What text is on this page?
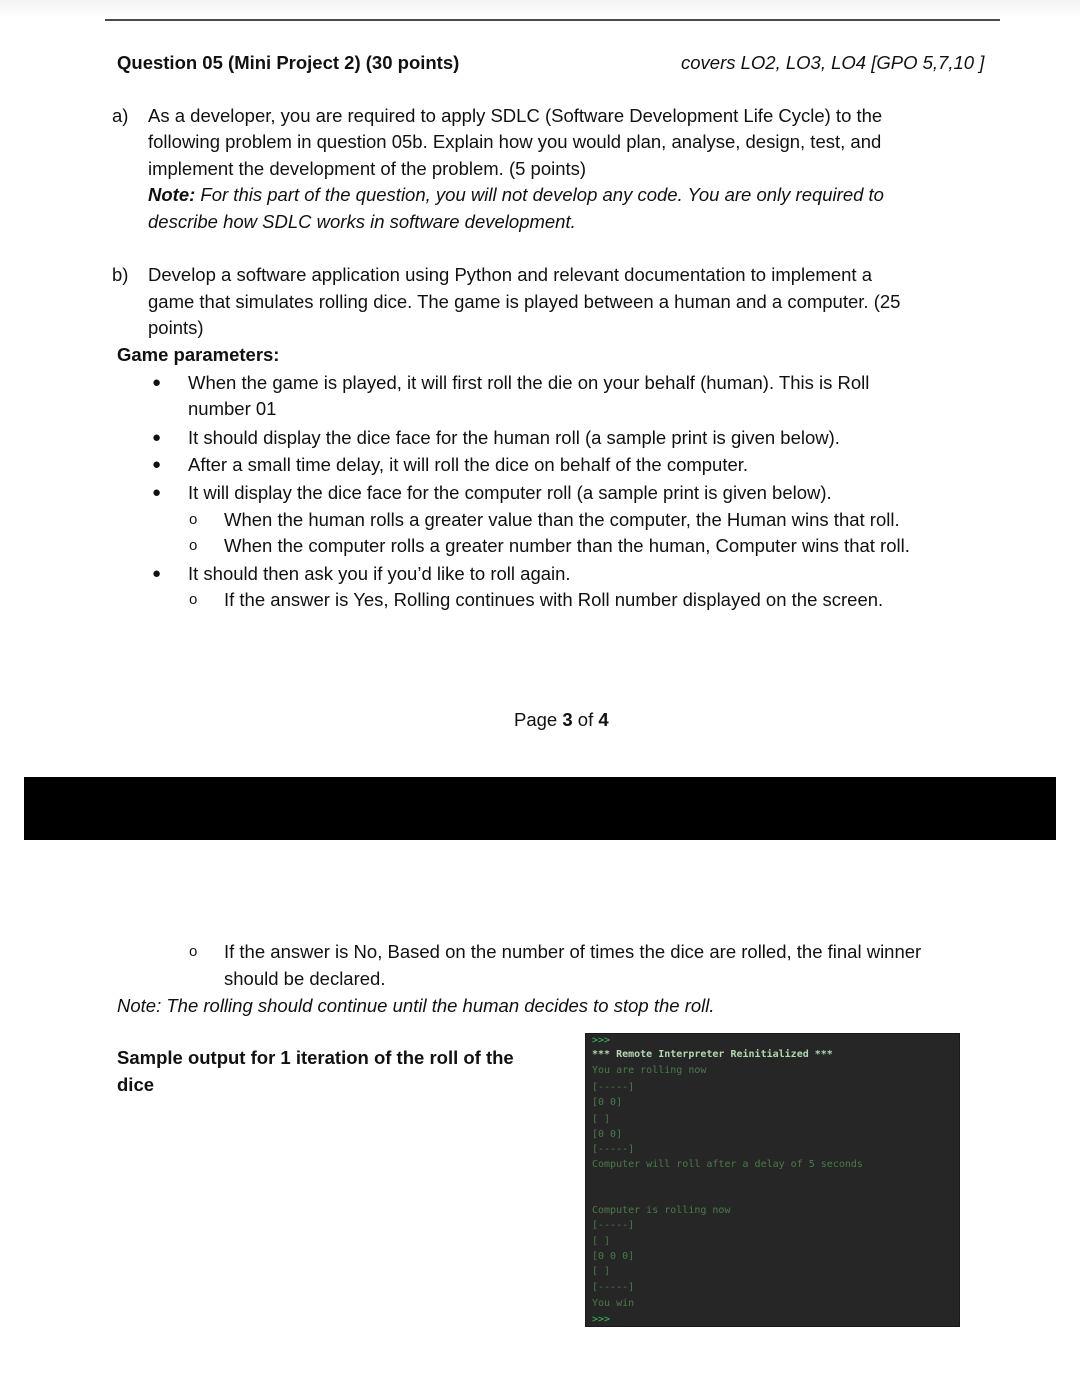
Question 05 (Mini Project 2) (30 points)	covers LO2, LO3, LO4 [GPO 5,7,10 ]
a) As a developer, you are required to apply SDLC (Software Development Life Cycle) to the
following problem in question 05b. Explain how you would plan, analyse, design, test, and
implement the development of the problem. (5 points)
Note: For this part of the question, you will not develop any code. You are only required to
describe how SDLC works in software development.
b) Develop a software application using Python and relevant documentation to implement a
game that simulates rolling dice. The game is played between a human and a computer. (25
points)
Game parameters:
● When the game is played, it will first roll the die on your behalf (human). This is Roll
number 01
● It should display the dice face for the human roll (a sample print is given below).
● After a small time delay, it will roll the dice on behalf of the computer.
● It will display the dice face for the computer roll (a sample print is given below).
o When the human rolls a greater value than the computer, the Human wins that roll.
o When the computer rolls a greater number than the human, Computer wins that roll.
● It should then ask you if you’d like to roll again.
o If the answer is Yes, Rolling continues with Roll number displayed on the screen.
Page 3 of 4
o If the answer is No, Based on the number of times the dice are rolled, the final winner
should be declared.
Note: The rolling should continue until the human decides to stop the roll.
Sample output for 1 iteration of the roll of the
dice
>>>
*** Remote Interpreter Reinitialized ***
You are rolling now
[-----]
[0 0]
[ ]
[0 0]
[-----]
Computer will roll after a delay of 5 seconds
Computer is rolling now
[-----]
[ ]
[0 0 0]
[ ]
[-----]
You win
>>>
